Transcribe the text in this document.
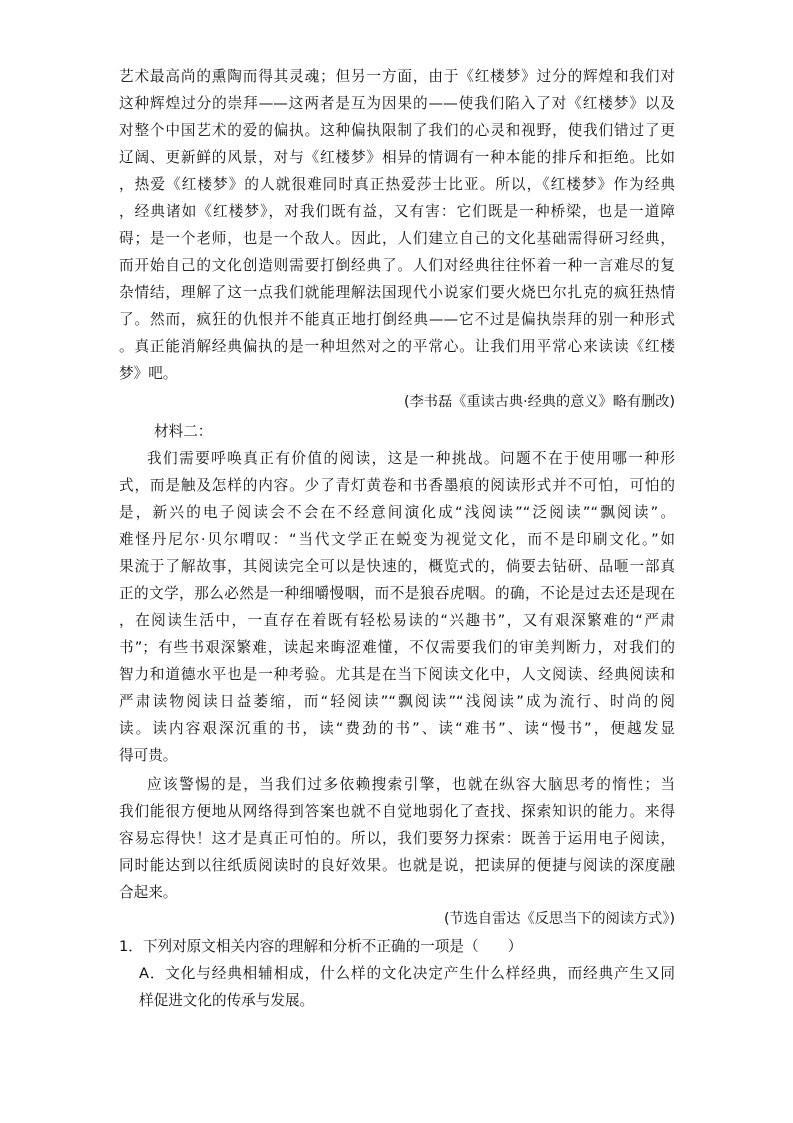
艺术最高尚的熏陶而得其灵魂；但另一方面，由于《红楼梦》过分的辉煌和我们对
这种辉煌过分的崇拜——这两者是互为因果的——使我们陷入了对《红楼梦》以及
对整个中国艺术的爱的偏执。这种偏执限制了我们的心灵和视野，使我们错过了更
辽阔、更新鲜的风景，对与《红楼梦》相异的情调有一种本能的排斥和拒绝。比如
，热爱《红楼梦》的人就很难同时真正热爱莎士比亚。所以，《红楼梦》作为经典
，经典诸如《红楼梦》，对我们既有益，又有害：它们既是一种桥梁，也是一道障
碍；是一个老师，也是一个敌人。因此，人们建立自己的文化基础需得研习经典，
而开始自己的文化创造则需要打倒经典了。人们对经典往往怀着一种一言难尽的复
杂情结，理解了这一点我们就能理解法国现代小说家们要火烧巴尔扎克的疯狂热情
了。然而，疯狂的仇恨并不能真正地打倒经典——它不过是偏执崇拜的别一种形式
。真正能消解经典偏执的是一种坦然对之的平常心。让我们用平常心来读读《红楼
梦》吧。
(李书磊《重读古典·经典的意义》略有删改)
材料二：
我们需要呼唤真正有价值的阅读，这是一种挑战。问题不在于使用哪一种形
式，而是触及怎样的内容。少了青灯黄卷和书香墨痕的阅读形式并不可怕，可怕的
是，新兴的电子阅读会不会在不经意间演化成“浅阅读”“泛阅读”“飘阅读”。
难怪丹尼尔·贝尔喟叹：“当代文学正在蜕变为视觉文化，而不是印刷文化。”如
果流于了解故事，其阅读完全可以是快速的，概览式的，倘要去钻研、品咂一部真
正的文学，那么必然是一种细嚼慢咽，而不是狼吞虎咽。的确，不论是过去还是现在
，在阅读生活中，一直存在着既有轻松易读的“兴趣书”，又有艰深繁难的“严肃
书”；有些书艰深繁难，读起来晦涩难懂，不仅需要我们的审美判断力，对我们的
智力和道德水平也是一种考验。尤其是在当下阅读文化中，人文阅读、经典阅读和
严肃读物阅读日益萎缩，而“轻阅读”“飘阅读”“浅阅读”成为流行、时尚的阅
读。读内容艰深沉重的书，读“费劲的书”、读“难书”、读“慢书”，便越发显
得可贵。
应该警惕的是，当我们过多依赖搜索引擎，也就在纵容大脑思考的惰性；当
我们能很方便地从网络得到答案也就不自觉地弱化了查找、探索知识的能力。来得
容易忘得快！这才是真正可怕的。所以，我们要努力探索：既善于运用电子阅读，
同时能达到以往纸质阅读时的良好效果。也就是说，把读屏的便捷与阅读的深度融
合起来。
(节选自雷达《反思当下的阅读方式》)
1．下列对原文相关内容的理解和分析不正确的一项是（　　）
A．文化与经典相辅相成，什么样的文化决定产生什么样经典，而经典产生又同
样促进文化的传承与发展。
